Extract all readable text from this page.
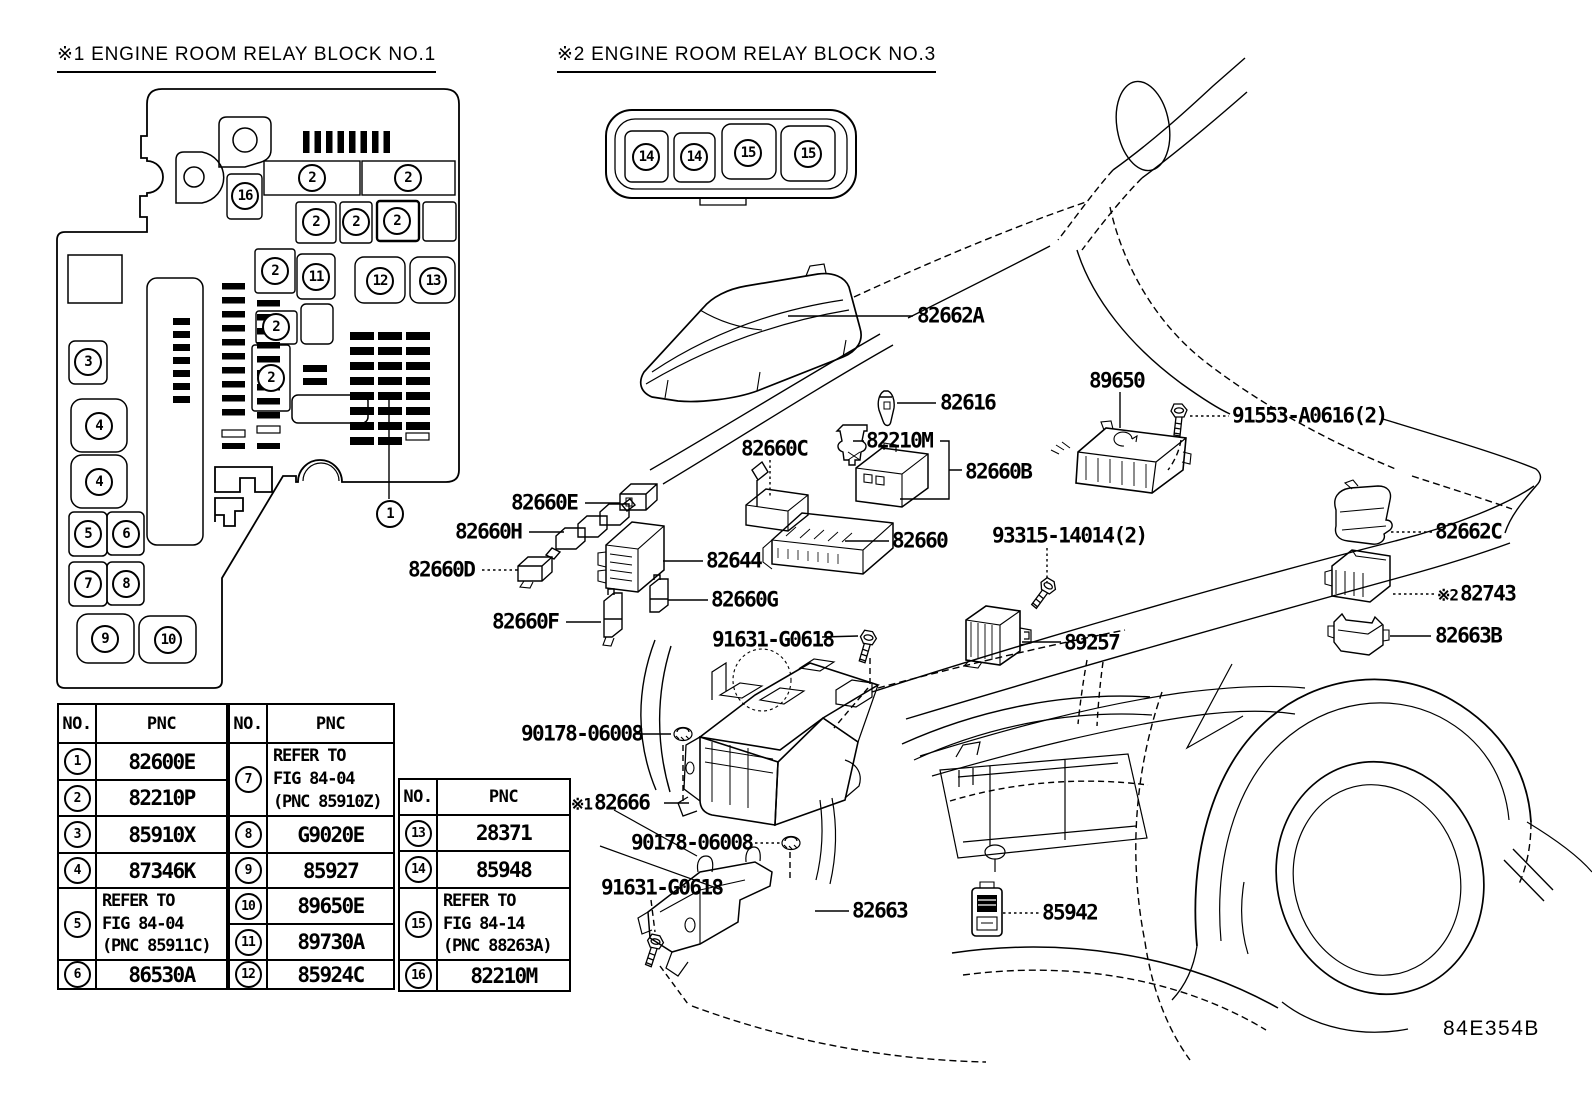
※1 ENGINE ROOM RELAY BLOCK NO.1	※2 ENGINE ROOM RELAY BLOCK NO.3
82662A
82616
89650
91553-A0616(2)
82660C	82210M
82660B
82660E
82660H
82660D	82644
82660 93315-14014(2)	82662C
※282743
82663B
82660G
82660F
91631-G0618	89257
90178-06008
※182666
90178-06008
91631-G0618
82663	85942
84E354B
16
2	2
2	2	2
2	11	12	13
2
2
3
4
4
5	6
7	8
9	10
1
14	14	15	15
NO.	PNC
1	82600E
2	82210P
3	85910X
4	87346K
5
REFER TO
FIG 84-04
(PNC 85911C)
6	86530A
NO.	PNC
7
REFER TO
FIG 84-04
(PNC 85910Z)
8	G9020E
9	85927
10	89650E
11	89730A
12	85924C
NO.	PNC
13	28371
14	85948
15
REFER TO
FIG 84-14
(PNC 88263A)
16	82210M
